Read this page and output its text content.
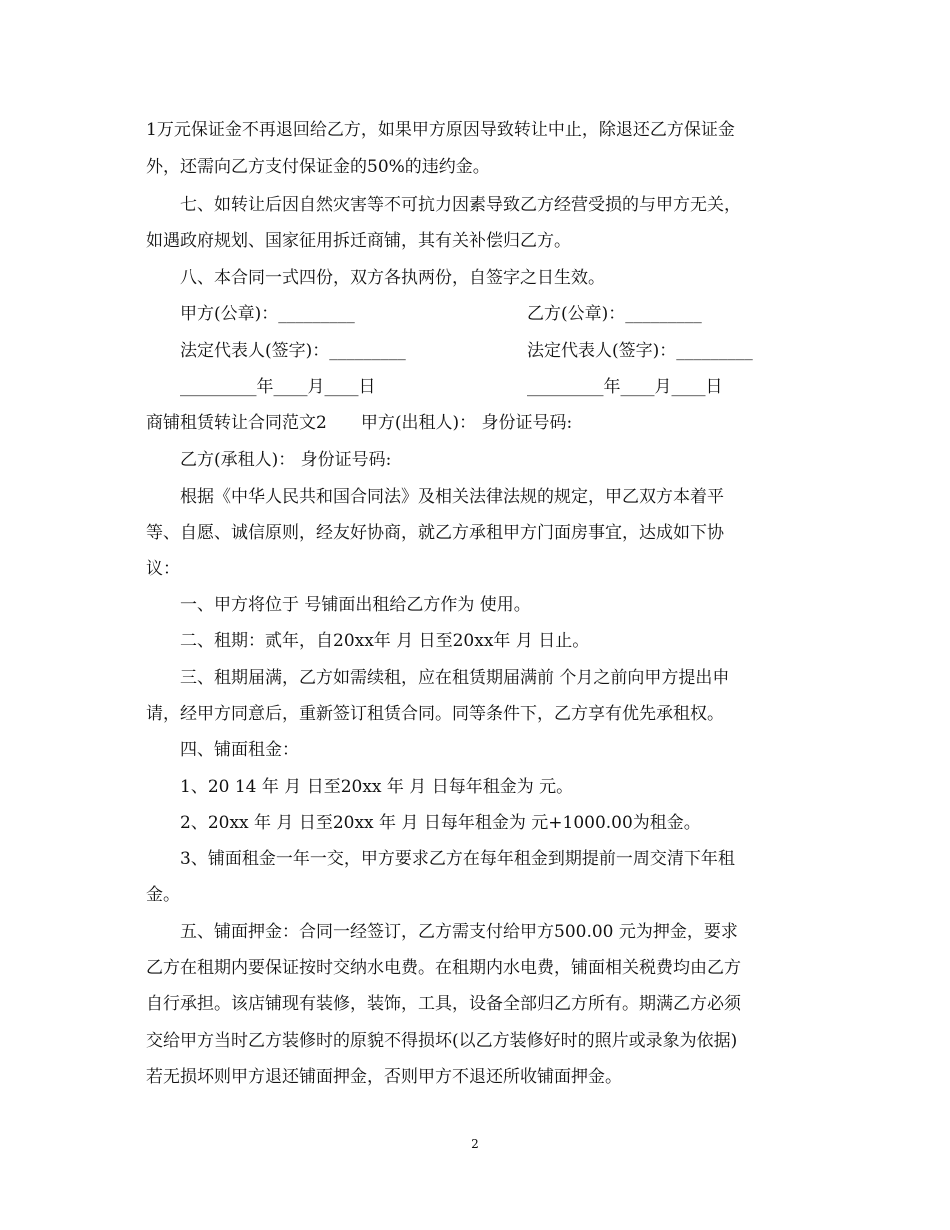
1万元保证金不再退回给乙方，如果甲方原因导致转让中止，除退还乙方保证金
外，还需向乙方支付保证金的50%的违约金。
七、如转让后因自然灾害等不可抗力因素导致乙方经营受损的与甲方无关，
如遇政府规划、国家征用拆迁商铺，其有关补偿归乙方。
八、本合同一式四份，双方各执两份，自签字之日生效。
甲方(公章)：_________	乙方(公章)：_________
法定代表人(签字)：_________	法定代表人(签字)：_________
_________年____月____日	_________年____月____日
商铺租赁转让合同范文2　　甲方(出租人)： 身份证号码:
乙方(承租人)： 身份证号码:
根据《中华人民共和国合同法》及相关法律法规的规定，甲乙双方本着平
等、自愿、诚信原则，经友好协商，就乙方承租甲方门面房事宜，达成如下协
议：
一、甲方将位于 号铺面出租给乙方作为 使用。
二、租期：贰年，自20xx年 月 日至20xx年 月 日止。
三、租期届满，乙方如需续租，应在租赁期届满前 个月之前向甲方提出申
请，经甲方同意后，重新签订租赁合同。同等条件下，乙方享有优先承租权。
四、铺面租金：
1、20 14 年 月 日至20xx 年 月 日每年租金为 元。
2、20xx 年 月 日至20xx 年 月 日每年租金为 元+1000.00为租金。
3、铺面租金一年一交，甲方要求乙方在每年租金到期提前一周交清下年租
金。
五、铺面押金：合同一经签订，乙方需支付给甲方500.00 元为押金，要求
乙方在租期内要保证按时交纳水电费。在租期内水电费，铺面相关税费均由乙方
自行承担。该店铺现有装修，装饰，工具，设备全部归乙方所有。期满乙方必须
交给甲方当时乙方装修时的原貌不得损坏(以乙方装修好时的照片或录象为依据)
若无损坏则甲方退还铺面押金，否则甲方不退还所收铺面押金。
2
